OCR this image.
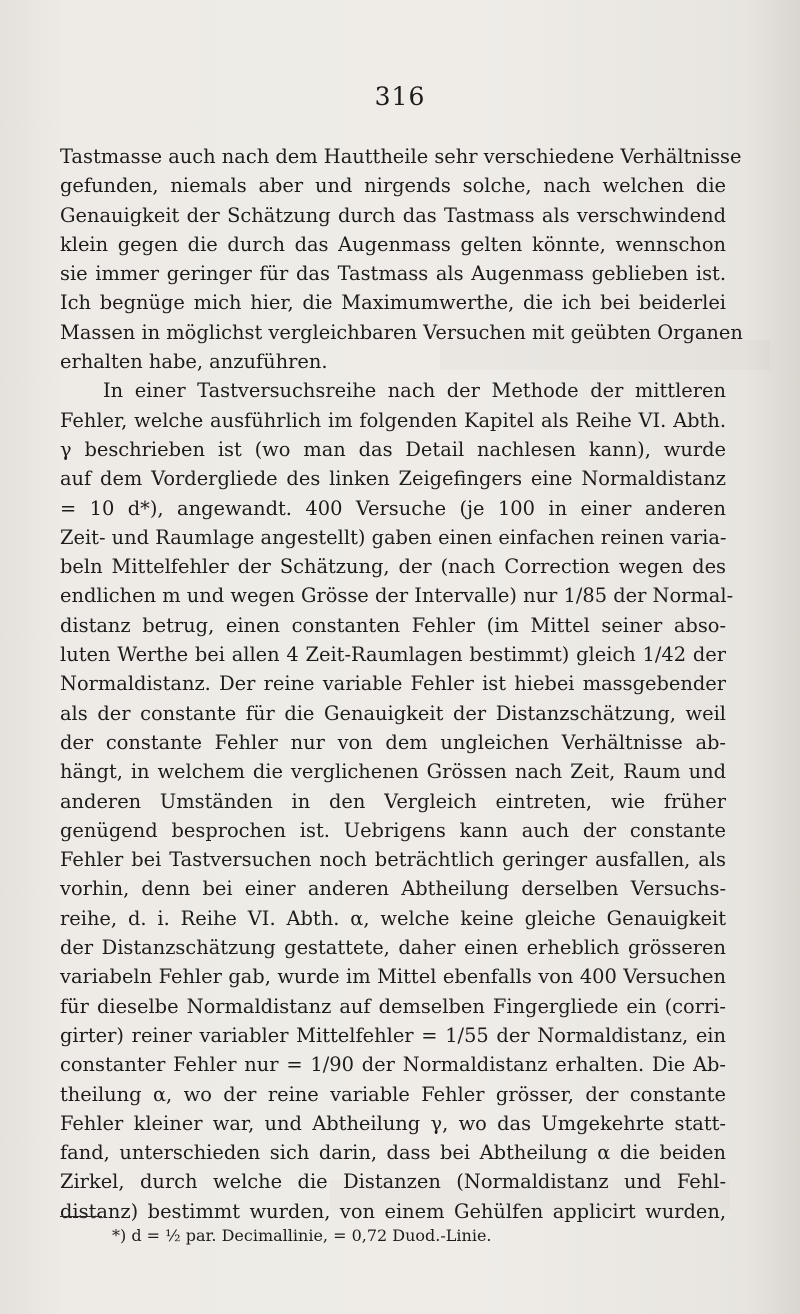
316
Tastmasse auch nach dem Hauttheile sehr verschiedene Verhältnisse
gefunden, niemals aber und nirgends solche, nach welchen die
Genauigkeit der Schätzung durch das Tastmass als verschwindend
klein gegen die durch das Augenmass gelten könnte, wennschon
sie immer geringer für das Tastmass als Augenmass geblieben ist.
Ich begnüge mich hier, die Maximumwerthe, die ich bei beiderlei
Massen in möglichst vergleichbaren Versuchen mit geübten Organen
erhalten habe, anzuführen.
In einer Tastversuchsreihe nach der Methode der mittleren
Fehler, welche ausführlich im folgenden Kapitel als Reihe VI. Abth.
γ beschrieben ist (wo man das Detail nachlesen kann), wurde
auf dem Vordergliede des linken Zeigefingers eine Normaldistanz
= 10 d*), angewandt. 400 Versuche (je 100 in einer anderen
Zeit- und Raumlage angestellt) gaben einen einfachen reinen varia-
beln Mittelfehler der Schätzung, der (nach Correction wegen des
endlichen m und wegen Grösse der Intervalle) nur 1/85 der Normal-
distanz betrug, einen constanten Fehler (im Mittel seiner abso-
luten Werthe bei allen 4 Zeit-Raumlagen bestimmt) gleich 1/42 der
Normaldistanz. Der reine variable Fehler ist hiebei massgebender
als der constante für die Genauigkeit der Distanzschätzung, weil
der constante Fehler nur von dem ungleichen Verhältnisse ab-
hängt, in welchem die verglichenen Grössen nach Zeit, Raum und
anderen Umständen in den Vergleich eintreten, wie früher
genügend besprochen ist. Uebrigens kann auch der constante
Fehler bei Tastversuchen noch beträchtlich geringer ausfallen, als
vorhin, denn bei einer anderen Abtheilung derselben Versuchs-
reihe, d. i. Reihe VI. Abth. α, welche keine gleiche Genauigkeit
der Distanzschätzung gestattete, daher einen erheblich grösseren
variabeln Fehler gab, wurde im Mittel ebenfalls von 400 Versuchen
für dieselbe Normaldistanz auf demselben Fingergliede ein (corri-
girter) reiner variabler Mittelfehler = 1/55 der Normaldistanz, ein
constanter Fehler nur = 1/90 der Normaldistanz erhalten. Die Ab-
theilung α, wo der reine variable Fehler grösser, der constante
Fehler kleiner war, und Abtheilung γ, wo das Umgekehrte statt-
fand, unterschieden sich darin, dass bei Abtheilung α die beiden
Zirkel, durch welche die Distanzen (Normaldistanz und Fehl-
distanz) bestimmt wurden, von einem Gehülfen applicirt wurden,
*) d = ½ par. Decimallinie, = 0,72 Duod.-Linie.
